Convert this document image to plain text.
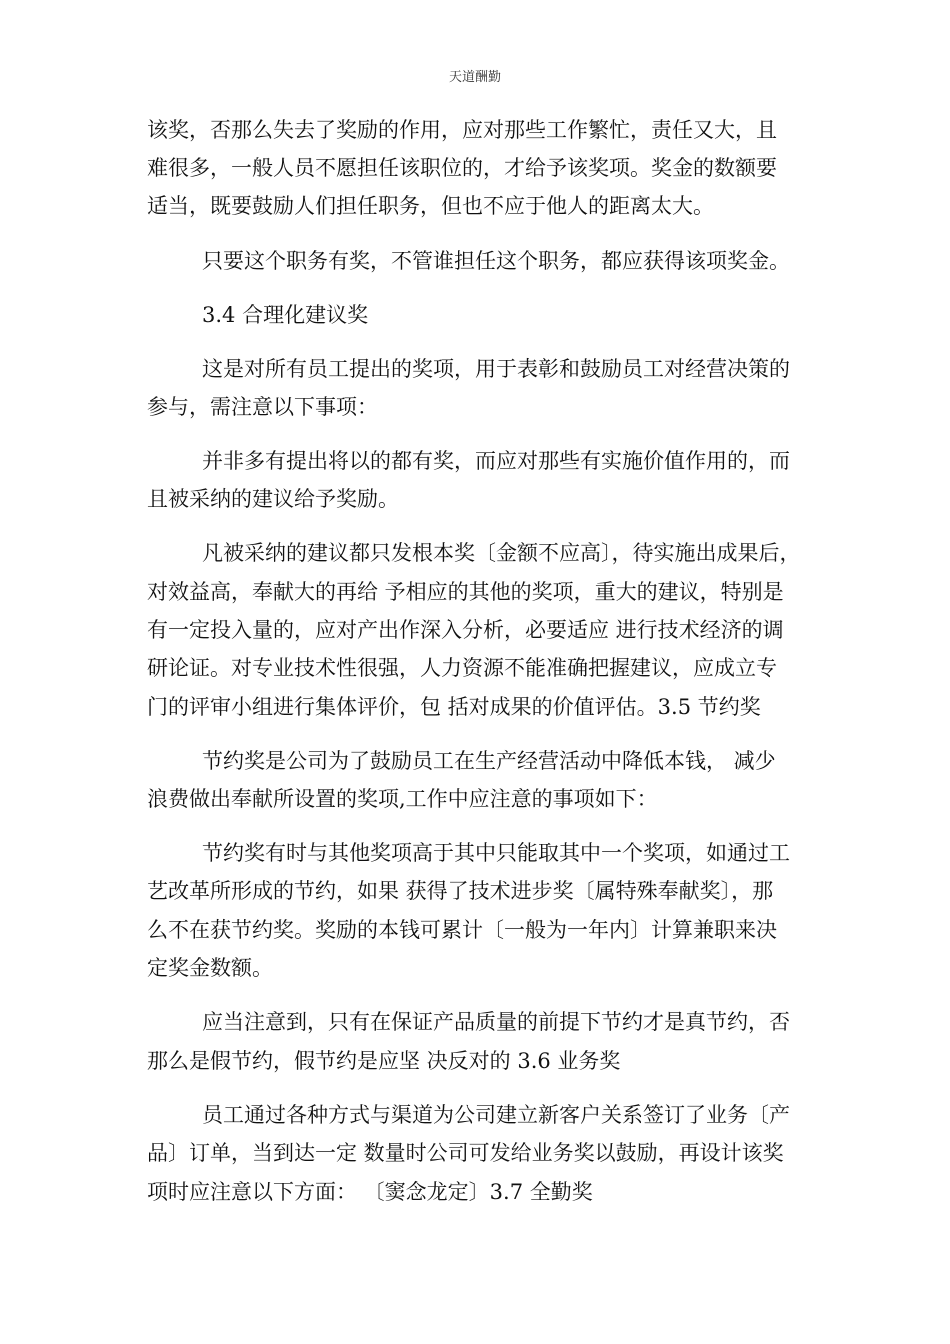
天道酬勤

该奖，否那么失去了奖励的作用，应对那些工作繁忙，责任又大，且

难很多，一般人员不愿担任该职位的，才给予该奖项。奖金的数额要

适当，既要鼓励人们担任职务，但也不应于他人的距离太大。

只要这个职务有奖，不管谁担任这个职务，都应获得该项奖金。

3.4 合理化建议奖

这是对所有员工提出的奖项，用于表彰和鼓励员工对经营决策的

参与，需注意以下事项：

并非多有提出将以的都有奖，而应对那些有实施价值作用的，而

且被采纳的建议给予奖励。

凡被采纳的建议都只发根本奖〔金额不应高〕，待实施出成果后，

对效益高，奉献大的再给 予相应的其他的奖项，重大的建议，特别是

有一定投入量的，应对产出作深入分析，必要适应 进行技术经济的调

研论证。对专业技术性很强，人力资源不能准确把握建议，应成立专

门的评审小组进行集体评价，包 括对成果的价值评估。3.5 节约奖

节约奖是公司为了鼓励员工在生产经营活动中降低本钱， 减少

浪费做出奉献所设置的奖项,工作中应注意的事项如下：

节约奖有时与其他奖项高于其中只能取其中一个奖项，如通过工

艺改革所形成的节约，如果 获得了技术进步奖〔属特殊奉献奖〕，那

么不在获节约奖。奖励的本钱可累计〔一般为一年内〕计算兼职来决

定奖金数额。

应当注意到，只有在保证产品质量的前提下节约才是真节约，否

那么是假节约，假节约是应坚 决反对的 3.6 业务奖

员工通过各种方式与渠道为公司建立新客户关系签订了业务〔产

品〕订单，当到达一定 数量时公司可发给业务奖以鼓励，再设计该奖

项时应注意以下方面： 〔窦念龙定〕3.7 全勤奖
